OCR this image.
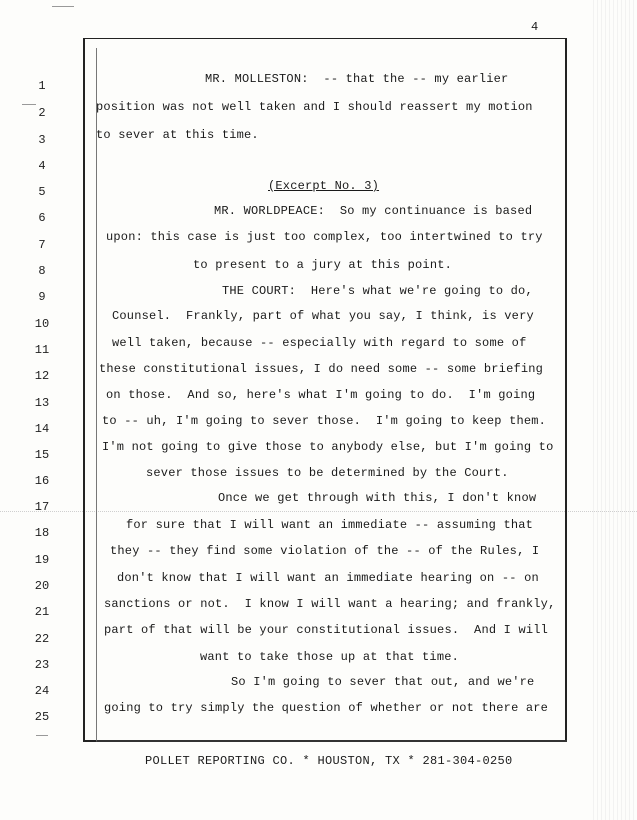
4
1
2
3
4
5
6
7
8
9
10
11
12
13
14
15
16
17
18
19
20
21
22
23
24
25
MR. MOLLESTON:  -- that the -- my earlier
position was not well taken and I should reassert my motion
to sever at this time.
(Excerpt No. 3)
MR. WORLDPEACE:  So my continuance is based
upon: this case is just too complex, too intertwined to try
to present to a jury at this point.
THE COURT:  Here's what we're going to do,
Counsel.  Frankly, part of what you say, I think, is very
well taken, because -- especially with regard to some of
these constitutional issues, I do need some -- some briefing
on those.  And so, here's what I'm going to do.  I'm going
to -- uh, I'm going to sever those.  I'm going to keep them.
I'm not going to give those to anybody else, but I'm going to
sever those issues to be determined by the Court.
Once we get through with this, I don't know
for sure that I will want an immediate -- assuming that
they -- they find some violation of the -- of the Rules, I
don't know that I will want an immediate hearing on -- on
sanctions or not.  I know I will want a hearing; and frankly,
part of that will be your constitutional issues.  And I will
want to take those up at that time.
So I'm going to sever that out, and we're
going to try simply the question of whether or not there are
POLLET REPORTING CO. * HOUSTON, TX * 281-304-0250
